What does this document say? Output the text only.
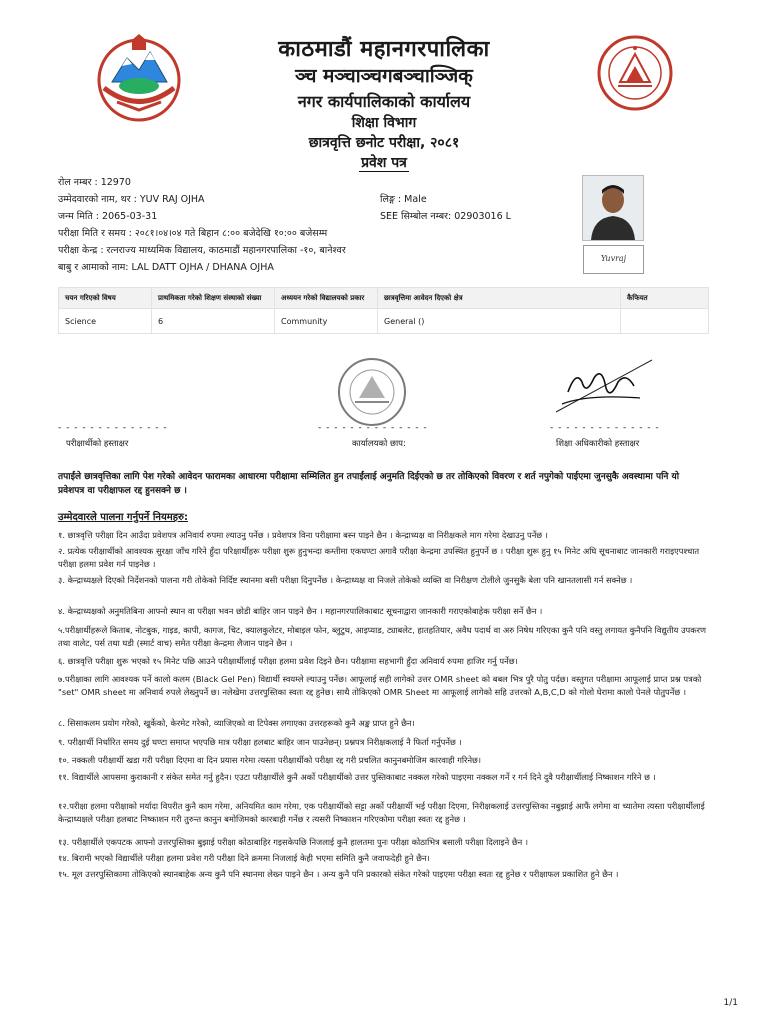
काठमाडौं महानगरपालिका
ञ्च मञ्चाञ्चगबञ्चाञ्जिक्
नगर कार्यपालिकाको कार्यालय
शिक्षा विभाग
छात्रवृत्ति छनोट परीक्षा, २०८१
प्रवेश पत्र
रोल नम्बर : 12970
उम्मेदवारको नाम, थर : YUV RAJ OJHA	लिङ्ग : Male
जन्म मिति : 2065-03-31	SEE सिम्बोल नम्बर: 02903016 L
परीक्षा मिति र समय : २०८१।०४।०४ गते बिहान ८:०० बजेदेखि १०:०० बजेसम्म
परीक्षा केन्द्र : रत्नराज्य माध्यमिक विद्यालय, काठमाडौं महानगरपालिका -१०, बानेश्वर
बाबु र आमाको नाम: LAL DATT OJHA / DHANA OJHA
Yuvraj
चयन गरिएको विषय	प्राथमिकता गरेको शिक्षण संस्थाको संख्या	अध्ययन गरेको विद्यालयको प्रकार	छात्रवृत्तिमा आवेदन दिएको क्षेत्र	कैफियत
Science	6	Community	General ()	
- - - - - - - - - - - - - -
परीक्षार्थीको हस्ताक्षर
- - - - - - - - - - - - - -
कार्यालयको छाप:
- - - - - - - - - - - - - -
शिक्षा अधिकारीको हस्ताक्षर
तपाईंले छात्रवृत्तिका लागि पेश गरेको आवेदन फारामका आधारमा परीक्षामा सम्मिलित हुन तपाईंलाई अनुमति दिईएको छ तर तोकिएको विवरण र शर्त नपुगेको पाईएमा जुनसुकै अवस्थामा पनि यो प्रवेशपत्र वा परीक्षाफल रद्द हुनसक्ने छ ।
उम्मेदवारले पालना गर्नुपर्ने नियमहरु:
१. छात्रवृत्ति परीक्षा दिन आउँदा प्रवेशपत्र अनिवार्य रुपमा ल्याउनु पर्नेछ । प्रवेशपत्र विना परीक्षामा बस्न पाइने छैन । केन्द्राध्यक्ष वा निरीक्षकले माग गरेमा देखाउनु पर्नेछ ।
२. प्रत्येक परीक्षार्थीको आवश्यक सुरक्षा जाँच गरिने हुँदा परिक्षार्थीहरू परीक्षा शुरू हुनुभन्दा कम्तीमा एकघण्टा अगावै परीक्षा केन्द्रमा उपस्थित हुनुपर्ने छ । परीक्षा शुरू हुनु १५ मिनेट अघि सूचनाबाट जानकारी गराइएपश्चात परीक्षा हलमा प्रवेश गर्न पाइनेछ ।
३. केन्द्राध्यक्षले दिएको निर्देशनको पालना गरी तोकेको निर्दिष्ट स्थानमा बसी परीक्षा दिनुपर्नेछ । केन्द्राध्यक्ष वा निजले तोकेको व्यक्ति वा निरीक्षण टोलीले जुनसुकै बेला पनि खानतलासी गर्न सक्नेछ ।
४. केन्द्राध्यक्षको अनुमतिबिना आफ्नो स्थान वा परीक्षा भवन छोडी बाहिर जान पाइने छैन । महानगरपालिकाबाट सूचनाद्वारा जानकारी गराएकोबाहेक परीक्षा सर्ने छैन ।
५.परीक्षार्थीहरूले किताब, नोटबुक, गाइड, कापी, कागज, चिट, क्यालकुलेटर, मोबाइल फोन, ब्लुटुथ, आइप्याड, ट्याबलेट, हातहतियार, अवैध पदार्थ वा अरु निषेध गरिएका कुनै पनि वस्तु लगायत कुनैपनि विद्युतीय उपकरण तथा वालेट, पर्स तथा घडी (स्मार्ट वाच) समेत परीक्षा केन्द्रमा लैजान पाइने छैन ।
६. छात्रवृत्ति परीक्षा शुरू भएको १५ मिनेट पछि आउने परीक्षार्थीलाई परीक्षा हलमा प्रवेश दिइने छैन। परीक्षामा सहभागी हुँदा अनिवार्य रुपमा हाजिर गर्नु पर्नेछ।
७.परीक्षाका लागि आवश्यक पर्ने कालो कलम (Black Gel Pen) विद्यार्थी स्वयम्ले ल्याउनु पर्नेछ। आफूलाई सही लागेको उत्तर OMR sheet को बबल भित्र पुरै पोतु पर्दछ। वस्तुगत परीक्षामा आफूलाई प्राप्त प्रश्न पत्रको "set" OMR sheet मा अनिवार्य रुपले लेख्नुपर्ने छ। नलेखेमा उत्तरपुस्तिका स्वतः रद्द हुनेछ। साथै तोकिएको OMR Sheet मा आफूलाई लागेको सहि उत्तरको A,B,C,D को गोलो घेरामा कालो पेनले पोतुपर्नेछ ।
८. सिसाकलम प्रयोग गरेको, खुर्केको, केरमेट गरेको, व्याजिएको वा टिपेक्स लगाएका उत्तरहरूको कुनै अङ्क प्राप्त हुने छैन।
९. परीक्षार्थी निर्धारित समय दुई घण्टा समाप्त भएपछि मात्र परीक्षा हलबाट बाहिर जान पाउनेछन्। प्रश्नपत्र निरीक्षकलाई नै फिर्ता गर्नुपर्नेछ ।
१०. नक्कली परीक्षार्थी खडा गरी परीक्षा दिएमा वा दिन प्रयास गरेमा त्यस्ता परीक्षार्थीको परीक्षा रद्द गरी प्रचलित कानुनबमोजिम कारवाही गरिनेछ।
११. विद्यार्थीले आपसमा कुराकानी र संकेत समेत गर्नु हुदैन। एउटा परीक्षार्थीले कुनै अर्को परीक्षार्थीको उत्तर पुस्तिकाबाट नक्कल गरेको पाइएमा नक्कल गर्ने र गर्न दिने दुवै परीक्षार्थीलाई निष्काशन गरिने छ ।
१२.परीक्षा हलमा परीक्षाको मर्यादा विपरीत कुनै काम गरेमा, अनियमित काम गरेमा, एक परीक्षार्थीको सट्टा अर्को परीक्षार्थी भई परीक्षा दिएमा, निरीक्षकलाई उत्तरपुस्तिका नबुझाई आफैं लगेमा वा च्यातेमा त्यस्ता परीक्षार्थीलाई केन्द्राध्यक्षले परीक्षा हलबाट निष्काशन गरी तुरुन्त कानुन बमोजिमको कारबाही गर्नेछ र त्यसरी निष्काशन गरिएकोमा परीक्षा स्वतः रद्द हुनेछ ।
१३. परीक्षार्थीले एकपटक आफ्नो उत्तरपुस्तिका बुझाई परीक्षा कोठाबाहिर गइसकेपछि निजलाई कुनै हालतमा पुनः परीक्षा कोठाभित्र बसाली परीक्षा दिलाइने छैन ।
१४. बिरामी भएको विद्यार्थीले परीक्षा हलमा प्रवेश गरी परीक्षा दिने क्रममा निजलाई केही भएमा समिति कुनै जवाफदेही हुने छैन।
१५. मूल उत्तरपुस्तिकामा तोकिएको स्थानबाहेक अन्य कुनै पनि स्थानमा लेख्न पाइने छैन । अन्य कुनै पनि प्रकारको संकेत गरेको पाइएमा परीक्षा स्वतः रद्द हुनेछ र परीक्षाफल प्रकाशित हुने छैन ।
1/1
